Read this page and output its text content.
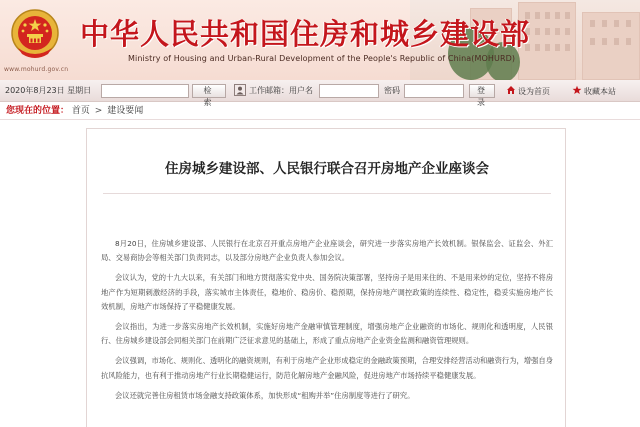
www.mohurd.gov.cn
中华人民共和国住房和城乡建设部
Ministry of Housing and Urban-Rural Development of the People's Republic of China(MOHURD)
2020年8月23日 星期日	检索
工作邮箱：用户名	密码	登录
设为首页	收藏本站
您现在的位置： 首页 > 建设要闻
住房城乡建设部、人民银行联合召开房地产企业座谈会

8月20日，住房城乡建设部、人民银行在北京召开重点房地产企业座谈会，研究进一步落实房地产长效机制。银保监会、证监会、外汇局、交易商协会等相关部门负责同志，以及部分房地产企业负责人参加会议。

会议认为，党的十九大以来，有关部门和地方贯彻落实党中央、国务院决策部署，坚持房子是用来住的、不是用来炒的定位，坚持不将房地产作为短期刺激经济的手段，落实城市主体责任，稳地价、稳房价、稳预期，保持房地产调控政策的连续性、稳定性，稳妥实施房地产长效机制，房地产市场保持了平稳健康发展。

会议指出，为进一步落实房地产长效机制，实施好房地产金融审慎管理制度，增强房地产企业融资的市场化、规则化和透明度，人民银行、住房城乡建设部会同相关部门在前期广泛征求意见的基础上，形成了重点房地产企业资金监测和融资管理规则。

会议强调，市场化、规则化、透明化的融资规则，有利于房地产企业形成稳定的金融政策预期，合理安排经营活动和融资行为，增强自身抗风险能力，也有利于推动房地产行业长期稳健运行，防范化解房地产金融风险，促进房地产市场持续平稳健康发展。

会议还就完善住房租赁市场金融支持政策体系，加快形成“租购并举”住房制度等进行了研究。
